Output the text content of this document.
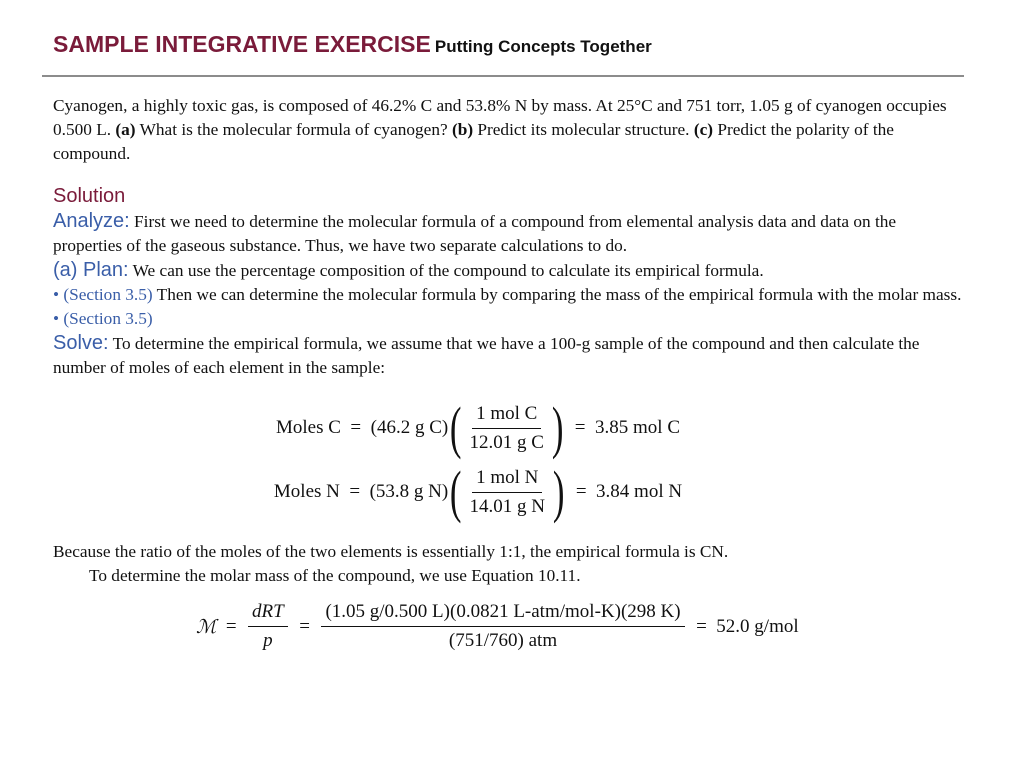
SAMPLE INTEGRATIVE EXERCISE Putting Concepts Together

Cyanogen, a highly toxic gas, is composed of 46.2% C and 53.8% N by mass. At 25°C and 751 torr, 1.05 g of cyanogen occupies 0.500 L. (a) What is the molecular formula of cyanogen? (b) Predict its molecular structure. (c) Predict the polarity of the compound.

Solution

Analyze: First we need to determine the molecular formula of a compound from elemental analysis data and data on the properties of the gaseous substance. Thus, we have two separate calculations to do.

(a) Plan: We can use the percentage composition of the compound to calculate its empirical formula.
• (Section 3.5) Then we can determine the molecular formula by comparing the mass of the empirical formula with the molar mass. • (Section 3.5)

Solve: To determine the empirical formula, we assume that we have a 100-g sample of the compound and then calculate the number of moles of each element in the sample:

Moles C  =  (46.2 g C) ( $\frac{\text{1 mol C}}{\text{12.01 g C}}$ ) =  3.85 mol C
Moles N  =  (53.8 g N) ( $\frac{\text{1 mol N}}{\text{14.01 g N}}$ ) =  3.84 mol N

Because the ratio of the moles of the two elements is essentially 1:1, the empirical formula is CN.

To determine the molar mass of the compound, we use Equation 10.11.

ℳ = $\frac{\text{dRT}}{p} = \frac{\text{(1.05 g/0.500 L)(0.0821 L-atm/mol-K)(298 K)}}{\text{(751/760) atm}} = 52.0$ g/mol
